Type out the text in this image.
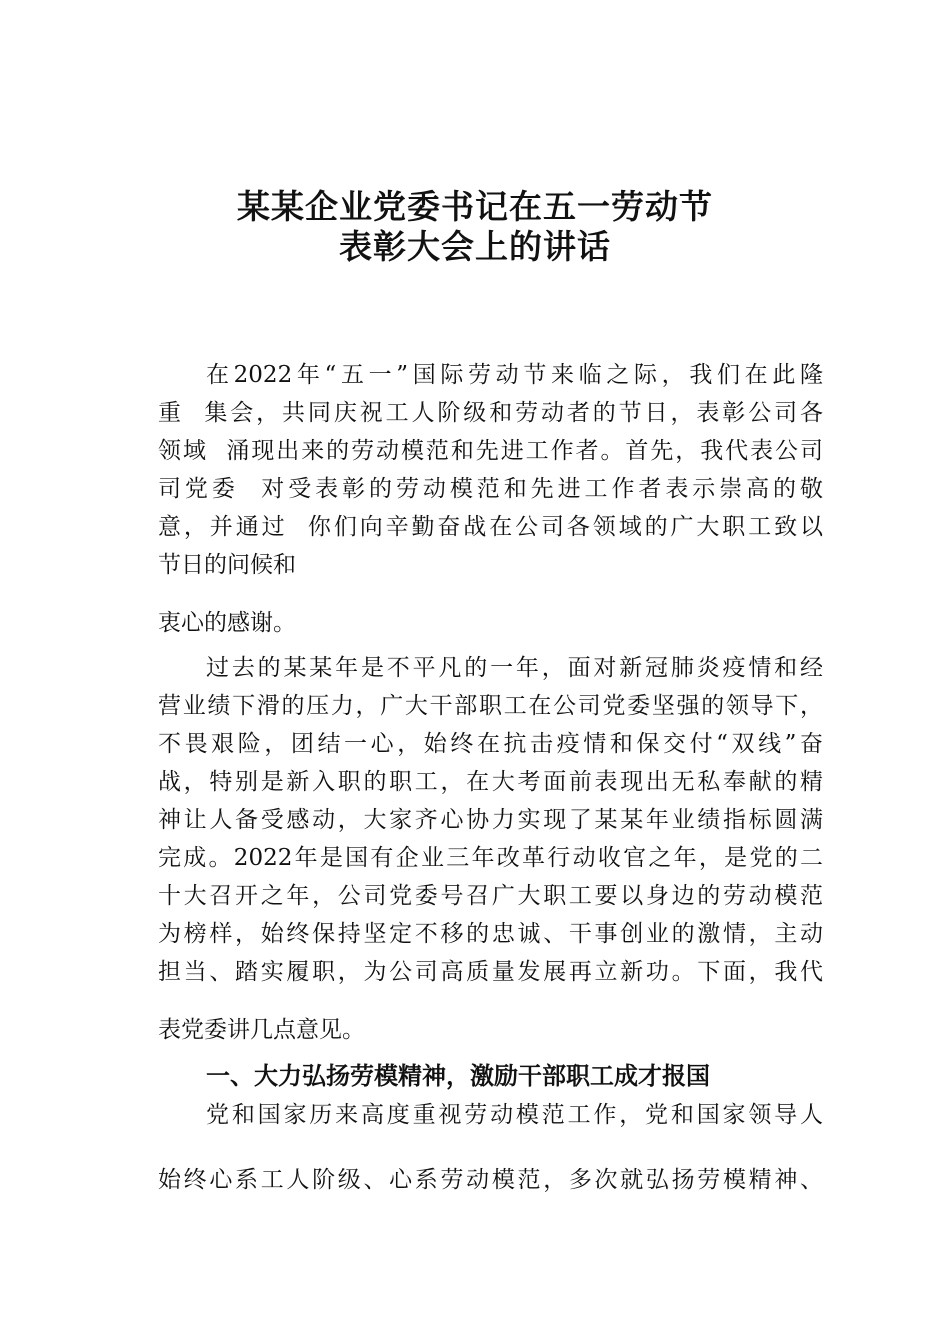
某某企业党委书记在五一劳动节
表彰大会上的讲话
在2022年“五一”国际劳动节来临之际，我们在此隆
重  集会，共同庆祝工人阶级和劳动者的节日，表彰公司各
领域  涌现出来的劳动模范和先进工作者。首先，我代表公司
司党委  对受表彰的劳动模范和先进工作者表示崇高的敬
意，并通过  你们向辛勤奋战在公司各领域的广大职工致以
节日的问候和
衷心的感谢。
过去的某某年是不平凡的一年，面对新冠肺炎疫情和经
营业绩下滑的压力，广大干部职工在公司党委坚强的领导下，
不畏艰险，团结一心，始终在抗击疫情和保交付“双线”奋
战，特别是新入职的职工，在大考面前表现出无私奉献的精
神让人备受感动，大家齐心协力实现了某某年业绩指标圆满
完成。2022年是国有企业三年改革行动收官之年，是党的二
十大召开之年，公司党委号召广大职工要以身边的劳动模范
为榜样，始终保持坚定不移的忠诚、干事创业的激情，主动
担当、踏实履职，为公司高质量发展再立新功。下面，我代
表党委讲几点意见。
一、大力弘扬劳模精神，激励干部职工成才报国
党和国家历来高度重视劳动模范工作，党和国家领导人
始终心系工人阶级、心系劳动模范，多次就弘扬劳模精神、
